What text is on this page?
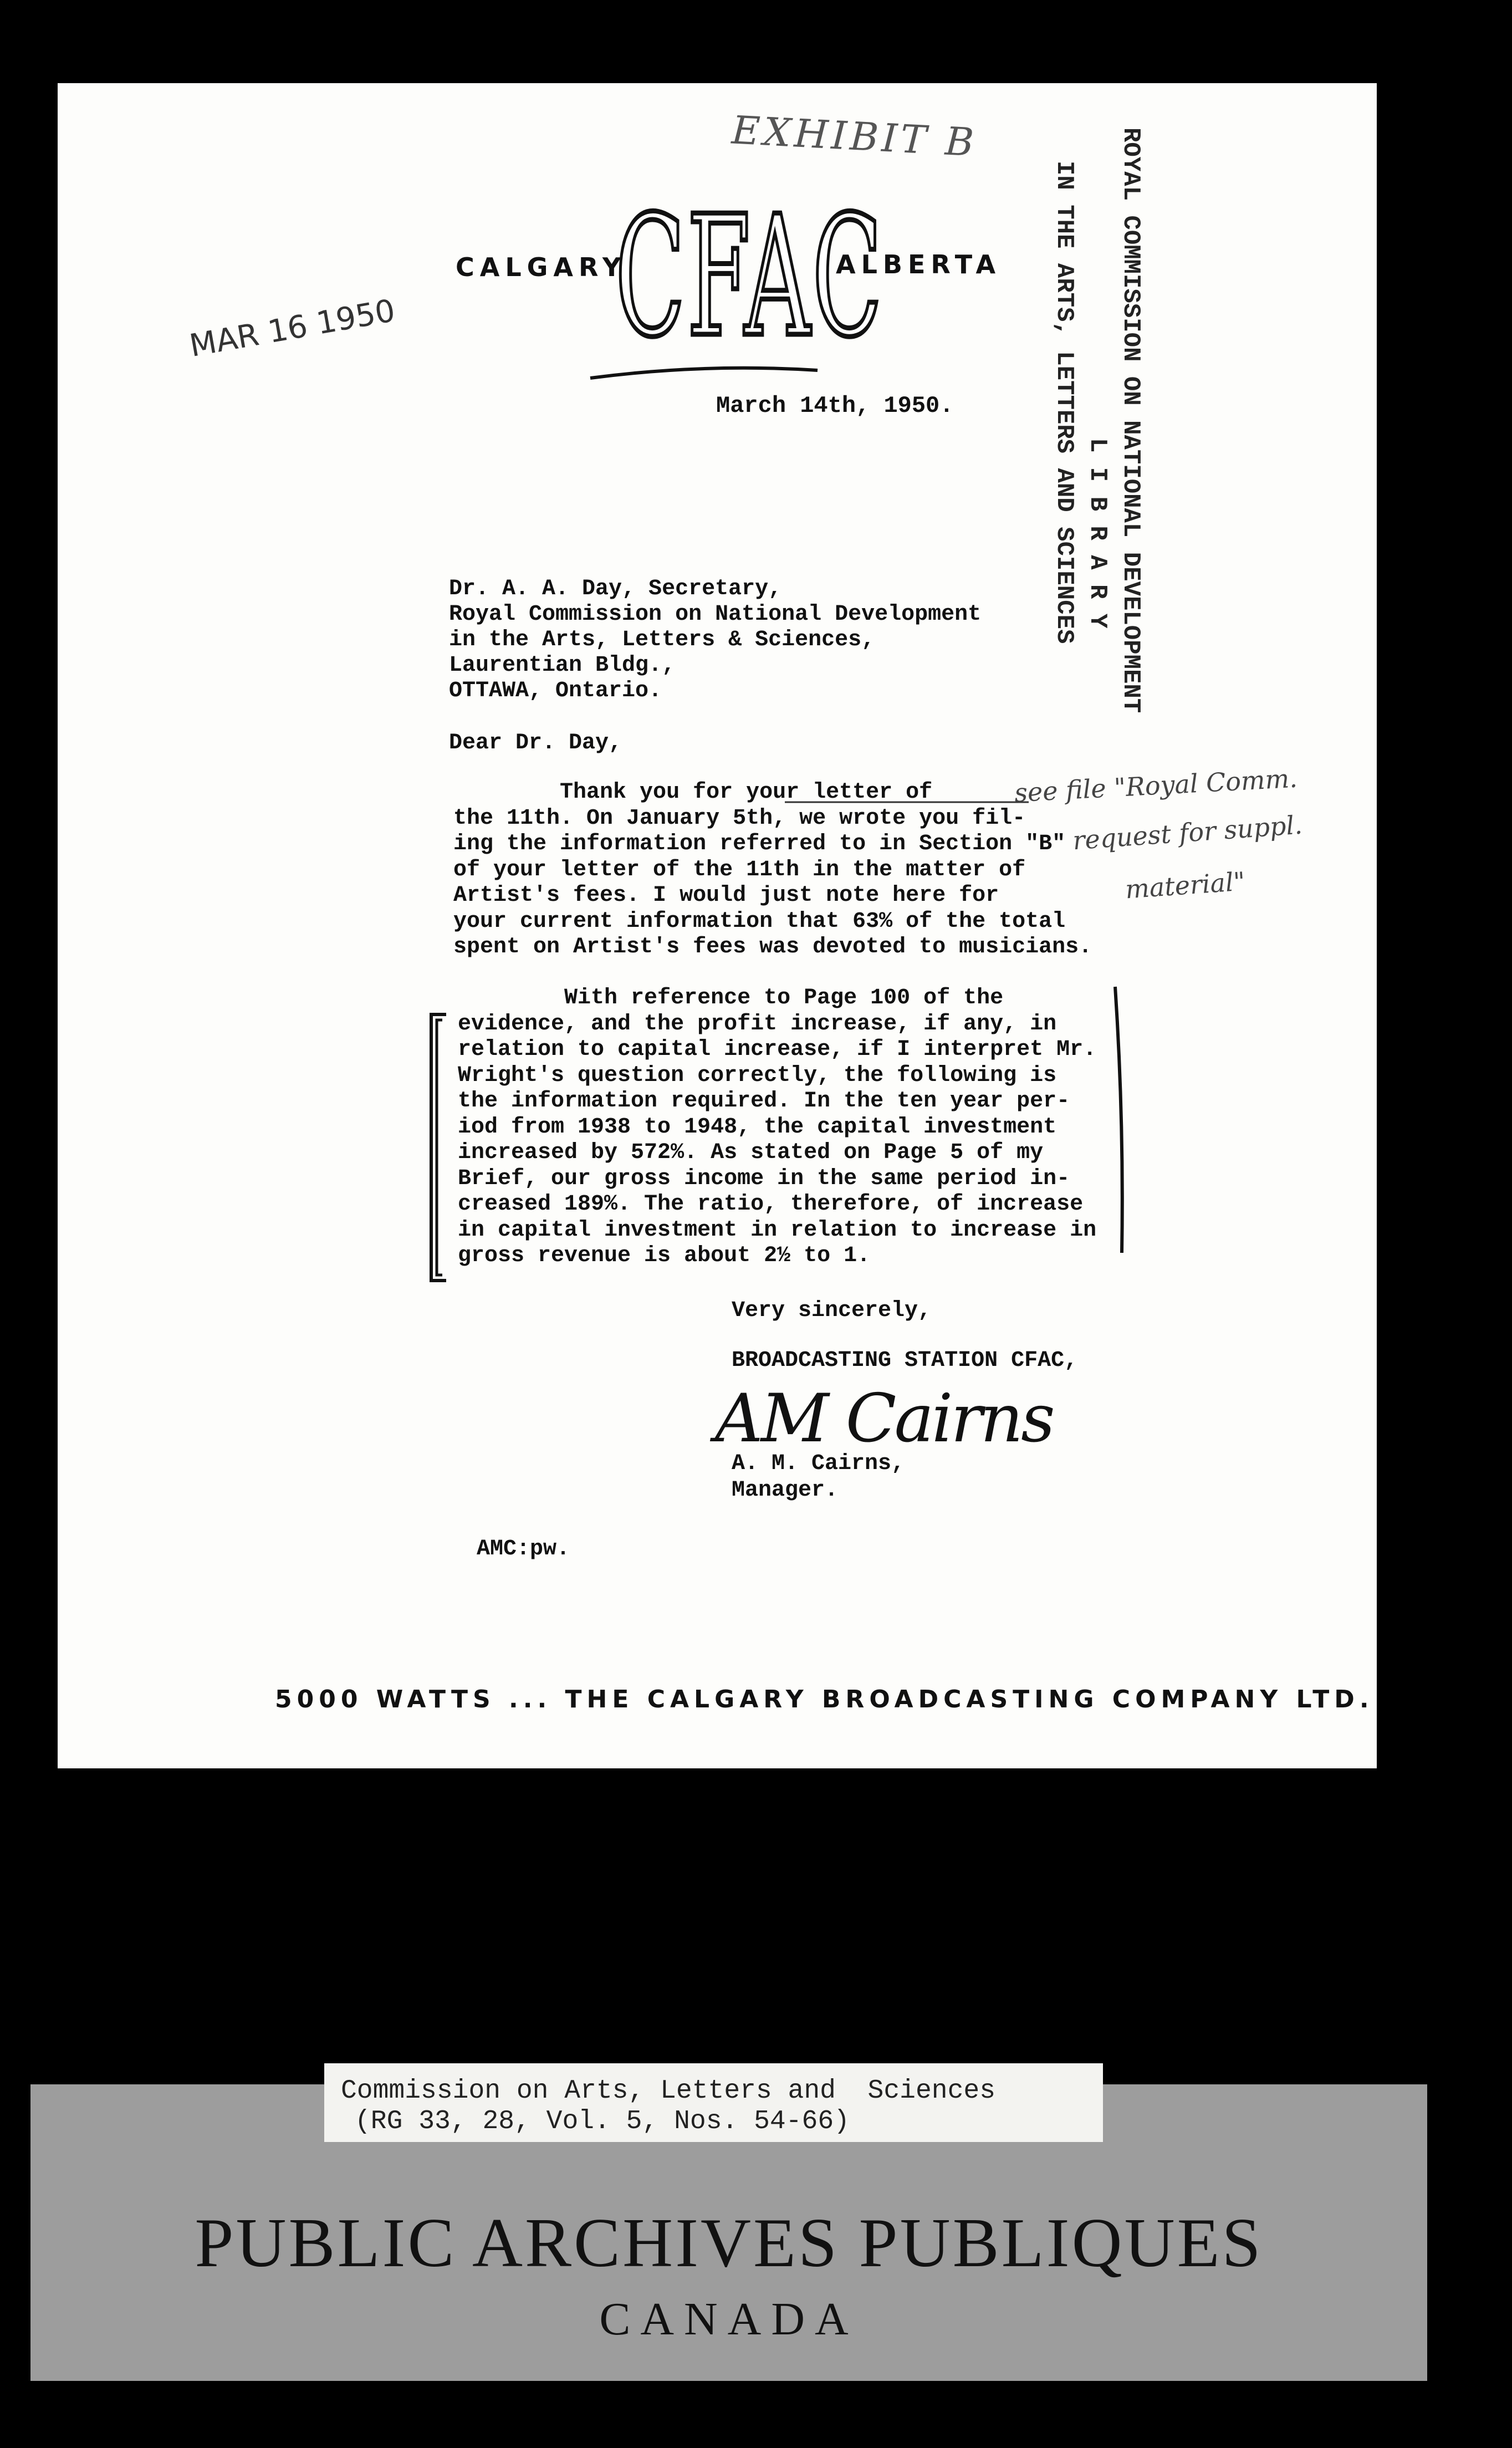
EXHIBIT B
CALGARY
CFAC
ALBERTA
MAR 16 1950	ROYAL COMMISSION ON NATIONAL DEVELOPMENT
L I B R A R Y
IN THE ARTS, LETTERS AND SCIENCES
March 14th, 1950.
Dr. A. A. Day, Secretary,
Royal Commission on National Development
in the Arts, Letters & Sciences,
Laurentian Bldg.,
OTTAWA, Ontario.
Dear Dr. Day,
Thank you for your letter of
the 11th. On January 5th, we wrote you fil-
ing the information referred to in Section "B"
of your letter of the 11th in the matter of
Artist's fees. I would just note here for
your current information that 63% of the total
spent on Artist's fees was devoted to musicians.
With reference to Page 100 of the
evidence, and the profit increase, if any, in
relation to capital increase, if I interpret Mr.
Wright's question correctly, the following is
the information required. In the ten year per-
iod from 1938 to 1948, the capital investment
increased by 572%. As stated on Page 5 of my
Brief, our gross income in the same period in-
creased 189%. The ratio, therefore, of increase
in capital investment in relation to increase in
gross revenue is about 2½ to 1.
see file "Royal Comm.
request for suppl.
material"
Very sincerely,
BROADCASTING STATION CFAC,
AM Cairns
A. M. Cairns,
Manager.
AMC:pw.
5000 WATTS ... THE CALGARY BROADCASTING COMPANY LTD.
Commission on Arts, Letters and  Sciences
(RG 33, 28, Vol. 5, Nos. 54-66)
PUBLIC ARCHIVES PUBLIQUES
CANADA
